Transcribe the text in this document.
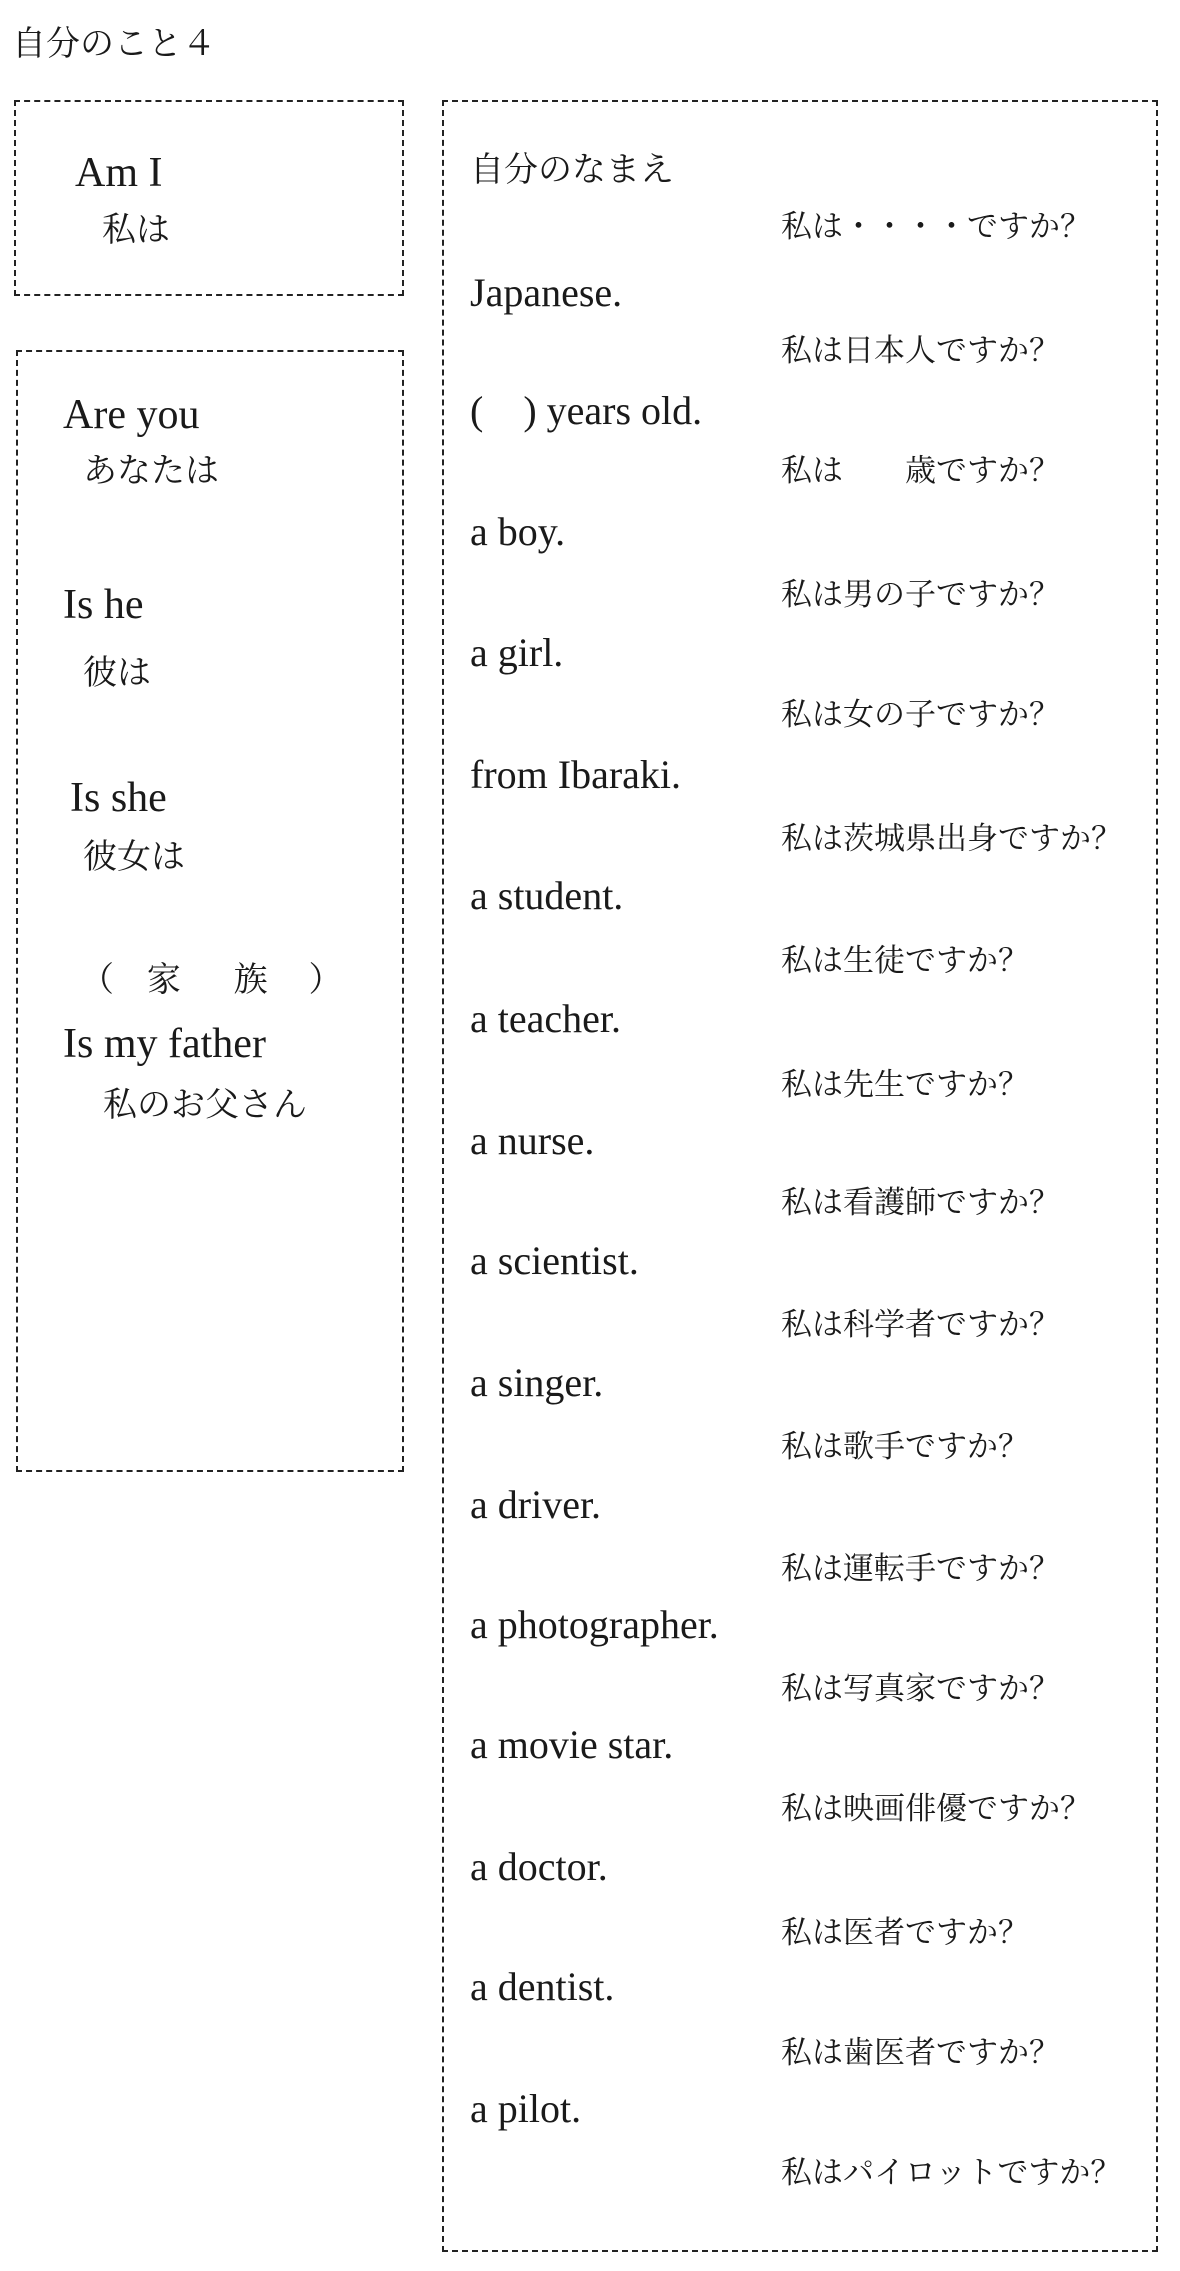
自分のこと４
Am I
私は
Are you
あなたは
Is he
彼は
Is she
彼女は
（ 家 族 ）
Is my father
私のお父さん
自分のなまえ
私は・・・・ですか？
Japanese.
私は日本人ですか？
(　) years old.
私は　　歳ですか？
a boy.
私は男の子ですか？
a girl.
私は女の子ですか？
from Ibaraki.
私は茨城県出身ですか？
a student.
私は生徒ですか？
a teacher.
私は先生ですか？
a nurse.
私は看護師ですか？
a scientist.
私は科学者ですか？
a singer.
私は歌手ですか？
a driver.
私は運転手ですか？
a photographer.
私は写真家ですか？
a movie star.
私は映画俳優ですか？
a doctor.
私は医者ですか？
a dentist.
私は歯医者ですか？
a pilot.
私はパイロットですか？
